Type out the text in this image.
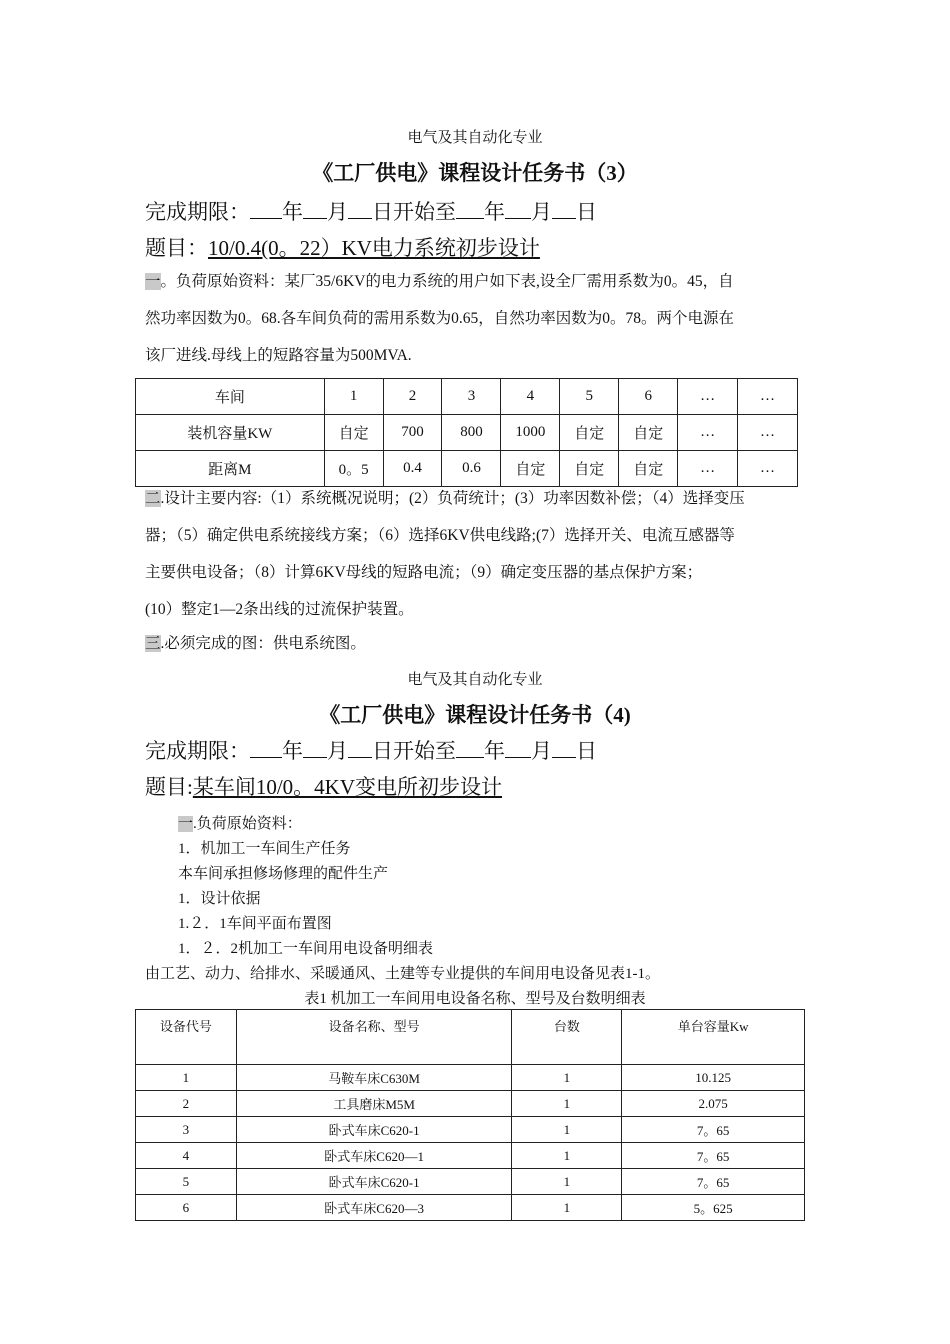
电气及其自动化专业
《工厂供电》课程设计任务书（3）
完成期限： 年 月 日开始至 年 月 日
题目：10/0.4(0。22）KV电力系统初步设计
一。负荷原始资料：某厂35/6KV的电力系统的用户如下表,设全厂需用系数为0。45，自
然功率因数为0。68.各车间负荷的需用系数为0.65，自然功率因数为0。78。两个电源在
该厂进线.母线上的短路容量为500MVA.
车间	1	2	3	4	5	6	…	…
装机容量KW	自定	700	800	1000	自定	自定	…	…
距离M	0。5	0.4	0.6	自定	自定	自定	…	…
二.设计主要内容:（1）系统概况说明；(2）负荷统计；(3）功率因数补偿；（4）选择变压
器；（5）确定供电系统接线方案；（6）选择6KV供电线路;(7）选择开关、电流互感器等
主要供电设备；（8）计算6KV母线的短路电流；（9）确定变压器的基点保护方案；
(10）整定1—2条出线的过流保护装置。
三.必须完成的图：供电系统图。
电气及其自动化专业
《工厂供电》课程设计任务书（4)
完成期限： 年 月 日开始至 年 月 日
题目:某车间10/0。4KV变电所初步设计
一.负荷原始资料：
1．机加工一车间生产任务
本车间承担修场修理的配件生产
1．设计依据
1.２．1车间平面布置图
1．２．2机加工一车间用电设备明细表
由工艺、动力、给排水、采暖通风、土建等专业提供的车间用电设备见表1-1。
表1 机加工一车间用电设备名称、型号及台数明细表
设备代号	设备名称、型号	台数	单台容量Kw
1	马鞍车床C630M	1	10.125
2	工具磨床M5M	1	2.075
3	卧式车床C620-1	1	7。65
4	卧式车床C620—1	1	7。65
5	卧式车床C620-1	1	7。65
6	卧式车床C620—3	1	5。625
